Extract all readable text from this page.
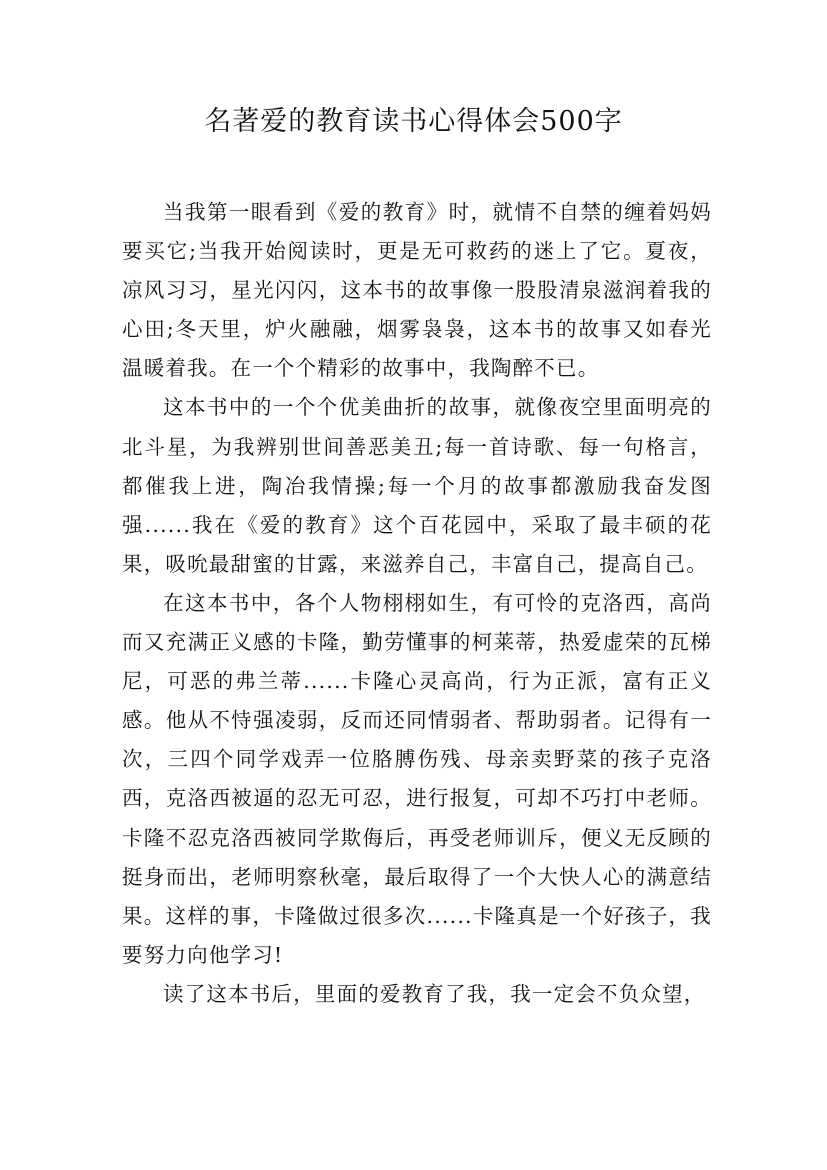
名著爱的教育读书心得体会500字

当我第一眼看到《爱的教育》时，就情不自禁的缠着妈妈要买它;当我开始阅读时，更是无可救药的迷上了它。夏夜，凉风习习，星光闪闪，这本书的故事像一股股清泉滋润着我的心田;冬天里，炉火融融，烟雾袅袅，这本书的故事又如春光温暖着我。在一个个精彩的故事中，我陶醉不已。

这本书中的一个个优美曲折的故事，就像夜空里面明亮的北斗星，为我辨别世间善恶美丑;每一首诗歌、每一句格言，都催我上进，陶冶我情操;每一个月的故事都激励我奋发图强......我在《爱的教育》这个百花园中，采取了最丰硕的花果，吸吮最甜蜜的甘露，来滋养自己，丰富自己，提高自己。

在这本书中，各个人物栩栩如生，有可怜的克洛西，高尚而又充满正义感的卡隆，勤劳懂事的柯莱蒂，热爱虚荣的瓦梯尼，可恶的弗兰蒂......卡隆心灵高尚，行为正派，富有正义感。他从不恃强凌弱，反而还同情弱者、帮助弱者。记得有一次，三四个同学戏弄一位胳膊伤残、母亲卖野菜的孩子克洛西，克洛西被逼的忍无可忍，进行报复，可却不巧打中老师。卡隆不忍克洛西被同学欺侮后，再受老师训斥，便义无反顾的挺身而出，老师明察秋毫，最后取得了一个大快人心的满意结果。这样的事，卡隆做过很多次......卡隆真是一个好孩子，我要努力向他学习!

读了这本书后，里面的爱教育了我，我一定会不负众望，
